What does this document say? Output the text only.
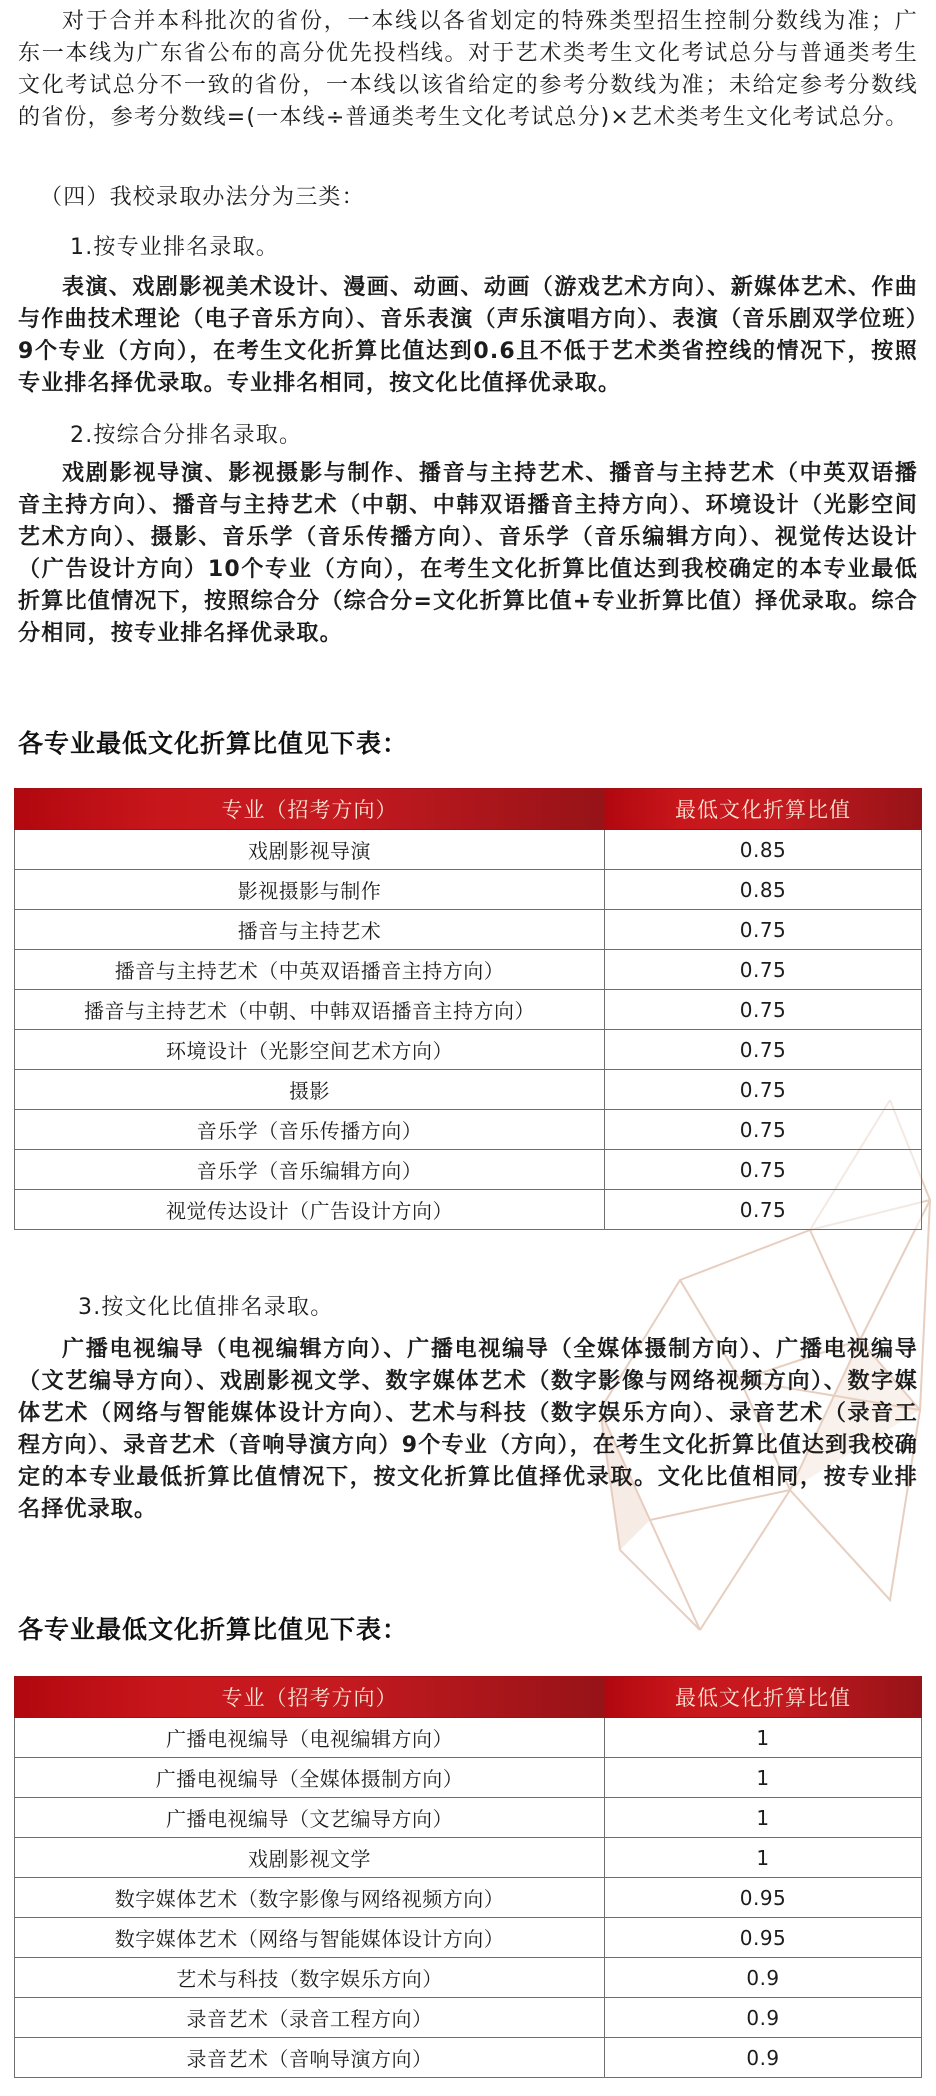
对于合并本科批次的省份，一本线以各省划定的特殊类型招生控制分数线为准；广东一本线为广东省公布的高分优先投档线。对于艺术类考生文化考试总分与普通类考生文化考试总分不一致的省份，一本线以该省给定的参考分数线为准；未给定参考分数线的省份，参考分数线=(一本线÷普通类考生文化考试总分)×艺术类考生文化考试总分。

（四）我校录取办法分为三类：

1.按专业排名录取。

表演、戏剧影视美术设计、漫画、动画、动画（游戏艺术方向）、新媒体艺术、作曲与作曲技术理论（电子音乐方向）、音乐表演（声乐演唱方向）、表演（音乐剧双学位班）9个专业（方向），在考生文化折算比值达到0.6且不低于艺术类省控线的情况下，按照专业排名择优录取。专业排名相同，按文化比值择优录取。

2.按综合分排名录取。

戏剧影视导演、影视摄影与制作、播音与主持艺术、播音与主持艺术（中英双语播音主持方向）、播音与主持艺术（中朝、中韩双语播音主持方向）、环境设计（光影空间艺术方向）、摄影、音乐学（音乐传播方向）、音乐学（音乐编辑方向）、视觉传达设计（广告设计方向）10个专业（方向），在考生文化折算比值达到我校确定的本专业最低折算比值情况下，按照综合分（综合分=文化折算比值+专业折算比值）择优录取。综合分相同，按专业排名择优录取。

各专业最低文化折算比值见下表：
专业（招考方向）	最低文化折算比值
戏剧影视导演	0.85
影视摄影与制作	0.85
播音与主持艺术	0.75
播音与主持艺术（中英双语播音主持方向）	0.75
播音与主持艺术（中朝、中韩双语播音主持方向）	0.75
环境设计（光影空间艺术方向）	0.75
摄影	0.75
音乐学（音乐传播方向）	0.75
音乐学（音乐编辑方向）	0.75
视觉传达设计（广告设计方向）	0.75

3.按文化比值排名录取。

广播电视编导（电视编辑方向）、广播电视编导（全媒体摄制方向）、广播电视编导（文艺编导方向）、戏剧影视文学、数字媒体艺术（数字影像与网络视频方向）、数字媒体艺术（网络与智能媒体设计方向）、艺术与科技（数字娱乐方向）、录音艺术（录音工程方向）、录音艺术（音响导演方向）9个专业（方向），在考生文化折算比值达到我校确定的本专业最低折算比值情况下，按文化折算比值择优录取。文化比值相同，按专业排名择优录取。

各专业最低文化折算比值见下表：
专业（招考方向）	最低文化折算比值
广播电视编导（电视编辑方向）	1
广播电视编导（全媒体摄制方向）	1
广播电视编导（文艺编导方向）	1
戏剧影视文学	1
数字媒体艺术（数字影像与网络视频方向）	0.95
数字媒体艺术（网络与智能媒体设计方向）	0.95
艺术与科技（数字娱乐方向）	0.9
录音艺术（录音工程方向）	0.9
录音艺术（音响导演方向）	0.9
